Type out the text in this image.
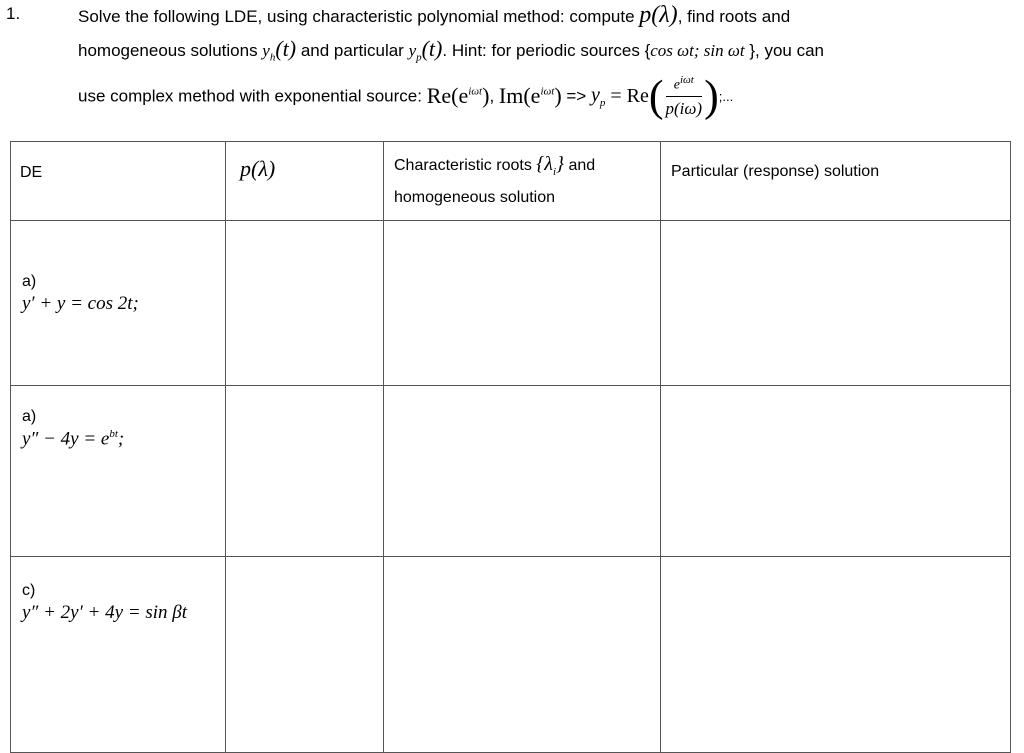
1.	Solve the following LDE, using characteristic polynomial method: compute p(λ), find roots and
homogeneous solutions $y_h(t)$ and particular $y_p(t)$. Hint: for periodic sources {cos ωt; sin ωt }, you can
use complex method with exponential source: $Re(e^{i\omega t})$, $Im(e^{i\omega t}) => y_p = Re( \frac{e^{i\omega t}}{p(i\omega)}$ );...
DE	p(λ)	Characteristic roots $\{\lambda_i\}$ and
homogeneous solution	Particular (response) solution

a)
y′ + y = cos 2t;			

a)
$y'' - 4y = e^{bt}$;			

c)
y″ + 2y′ + 4y = sin βt			
